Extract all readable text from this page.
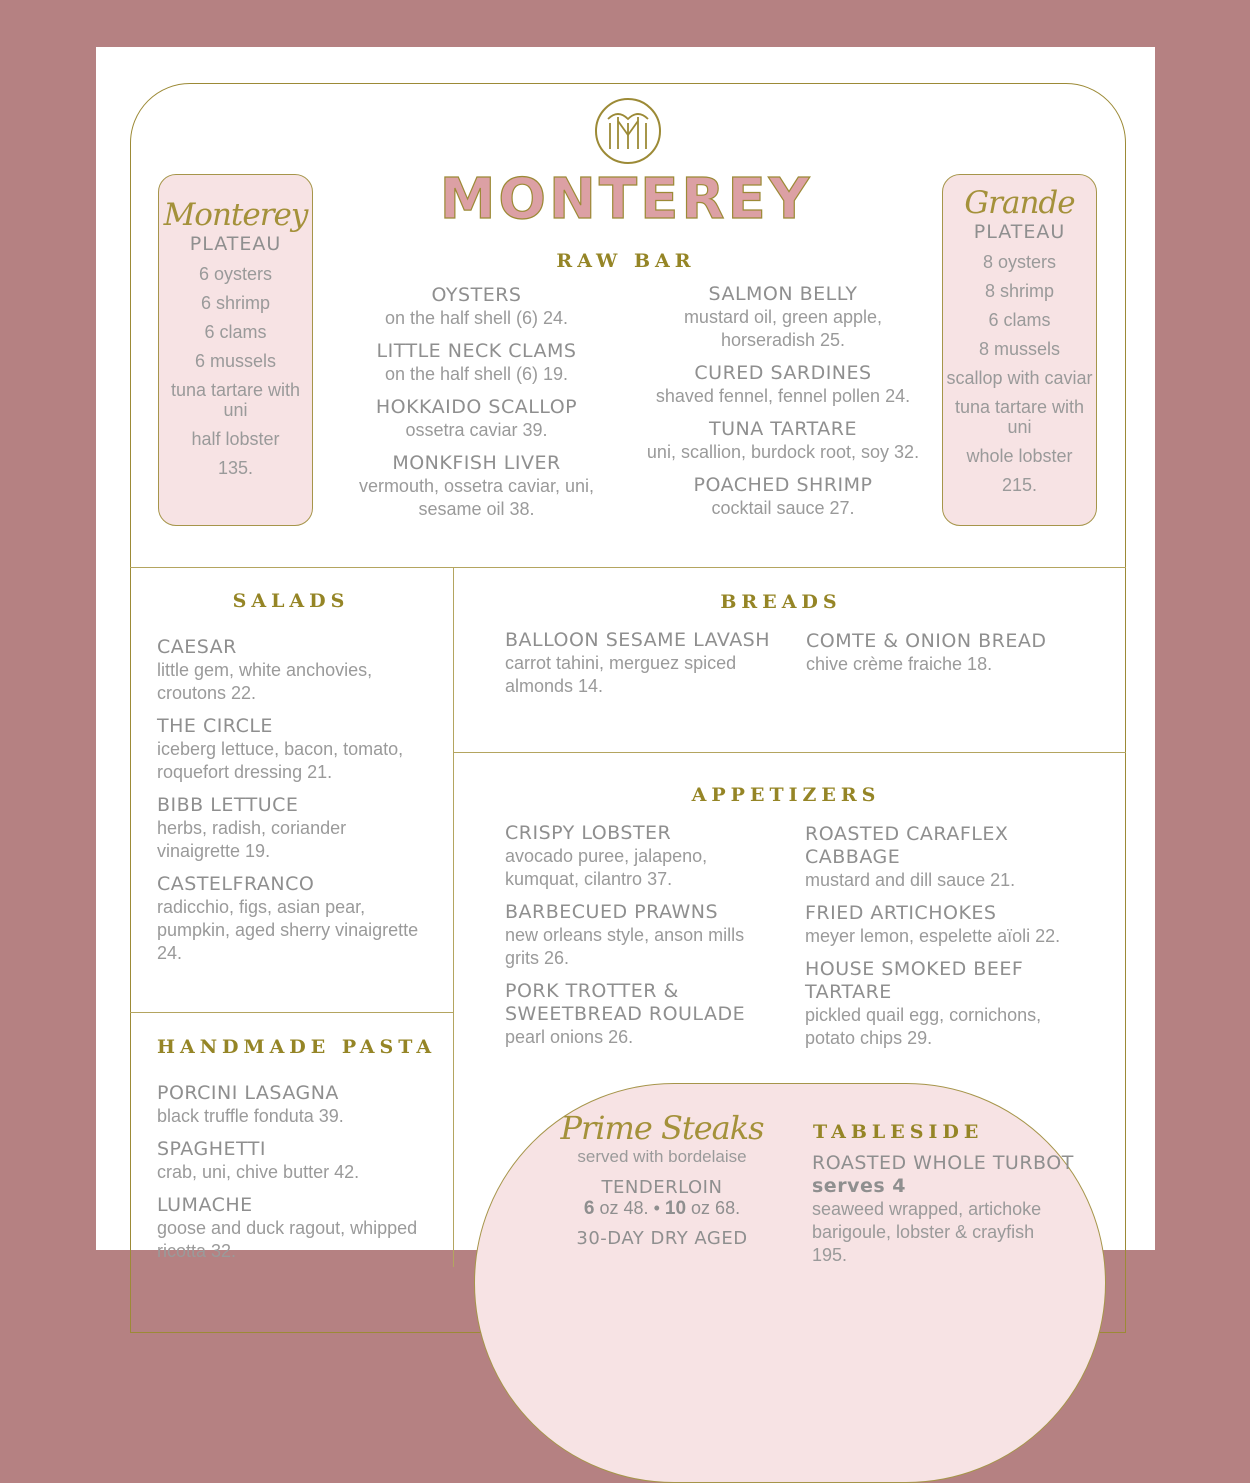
MONTEREY
Monterey
PLATEAU
6 oysters
6 shrimp
6 clams
6 mussels
tuna tartare with uni
half lobster
135.
Grande
PLATEAU
8 oysters
8 shrimp
6 clams
8 mussels
scallop with caviar
tuna tartare with uni
whole lobster
215.
RAW BAR
OYSTERS
on the half shell (6) 24.
LITTLE NECK CLAMS
on the half shell (6) 19.
HOKKAIDO SCALLOP
ossetra caviar 39.
MONKFISH LIVER
vermouth, ossetra caviar, uni, sesame oil 38.
SALMON BELLY
mustard oil, green apple, horseradish 25.
CURED SARDINES
shaved fennel, fennel pollen 24.
TUNA TARTARE
uni, scallion, burdock root, soy 32.
POACHED SHRIMP
cocktail sauce 27.
SALADS
CAESAR
little gem, white anchovies, croutons 22.
THE CIRCLE
iceberg lettuce, bacon, tomato, roquefort dressing 21.
BIBB LETTUCE
herbs, radish, coriander vinaigrette 19.
CASTELFRANCO
radicchio, figs, asian pear, pumpkin, aged sherry vinaigrette 24.
HANDMADE PASTA
PORCINI LASAGNA
black truffle fonduta 39.
SPAGHETTI
crab, uni, chive butter 42.
LUMACHE
goose and duck ragout, whipped ricotta 32.
BREADS
BALLOON SESAME LAVASH
carrot tahini, merguez spiced almonds 14.
COMTE & ONION BREAD
chive crème fraiche 18.
APPETIZERS
CRISPY LOBSTER
avocado puree, jalapeno, kumquat, cilantro 37.
BARBECUED PRAWNS
new orleans style, anson mills grits 26.
PORK TROTTER & SWEETBREAD ROULADE
pearl onions 26.
ROASTED CARAFLEX CABBAGE
mustard and dill sauce 21.
FRIED ARTICHOKES
meyer lemon, espelette aïoli 22.
HOUSE SMOKED BEEF TARTARE
pickled quail egg, cornichons, potato chips 29.
Prime Steaks
served with bordelaise
TENDERLOIN
6 oz 48. • 10 oz 68.
30-DAY DRY AGED
TABLESIDE
ROASTED WHOLE TURBOT
serves 4
seaweed wrapped, artichoke barigoule, lobster & crayfish
195.
